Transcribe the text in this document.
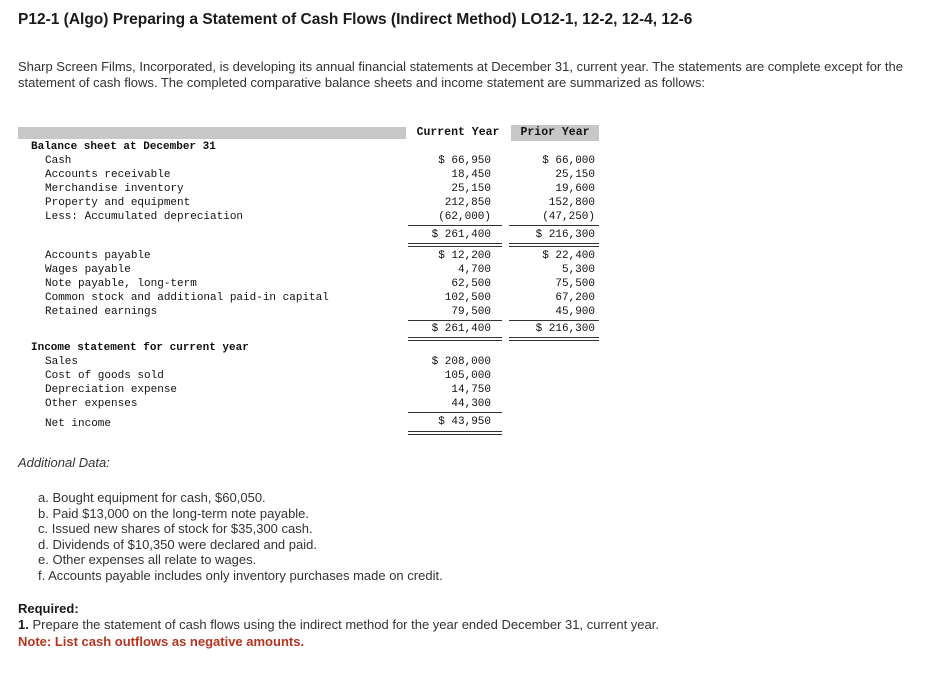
P12-1 (Algo) Preparing a Statement of Cash Flows (Indirect Method) LO12-1, 12-2, 12-4, 12-6

Sharp Screen Films, Incorporated, is developing its annual financial statements at December 31, current year. The statements are complete except for the statement of cash flows. The completed comparative balance sheets and income statement are summarized as follows:

Current Year	Prior Year
Balance sheet at December 31
Cash	$ 66,950	$ 66,000
Accounts receivable	18,450	25,150
Merchandise inventory	25,150	19,600
Property and equipment	212,850	152,800
Less: Accumulated depreciation	(62,000)	(47,250)
$ 261,400	$ 216,300
Accounts payable	$ 12,200	$ 22,400
Wages payable	4,700	5,300
Note payable, long-term	62,500	75,500
Common stock and additional paid-in capital	102,500	67,200
Retained earnings	79,500	45,900
$ 261,400	$ 216,300
Income statement for current year
Sales	$ 208,000
Cost of goods sold	105,000
Depreciation expense	14,750
Other expenses	44,300
Net income	$ 43,950

Additional Data:

a. Bought equipment for cash, $60,050.
b. Paid $13,000 on the long-term note payable.
c. Issued new shares of stock for $35,300 cash.
d. Dividends of $10,350 were declared and paid.
e. Other expenses all relate to wages.
f. Accounts payable includes only inventory purchases made on credit.

Required:

1. Prepare the statement of cash flows using the indirect method for the year ended December 31, current year.

Note: List cash outflows as negative amounts.
